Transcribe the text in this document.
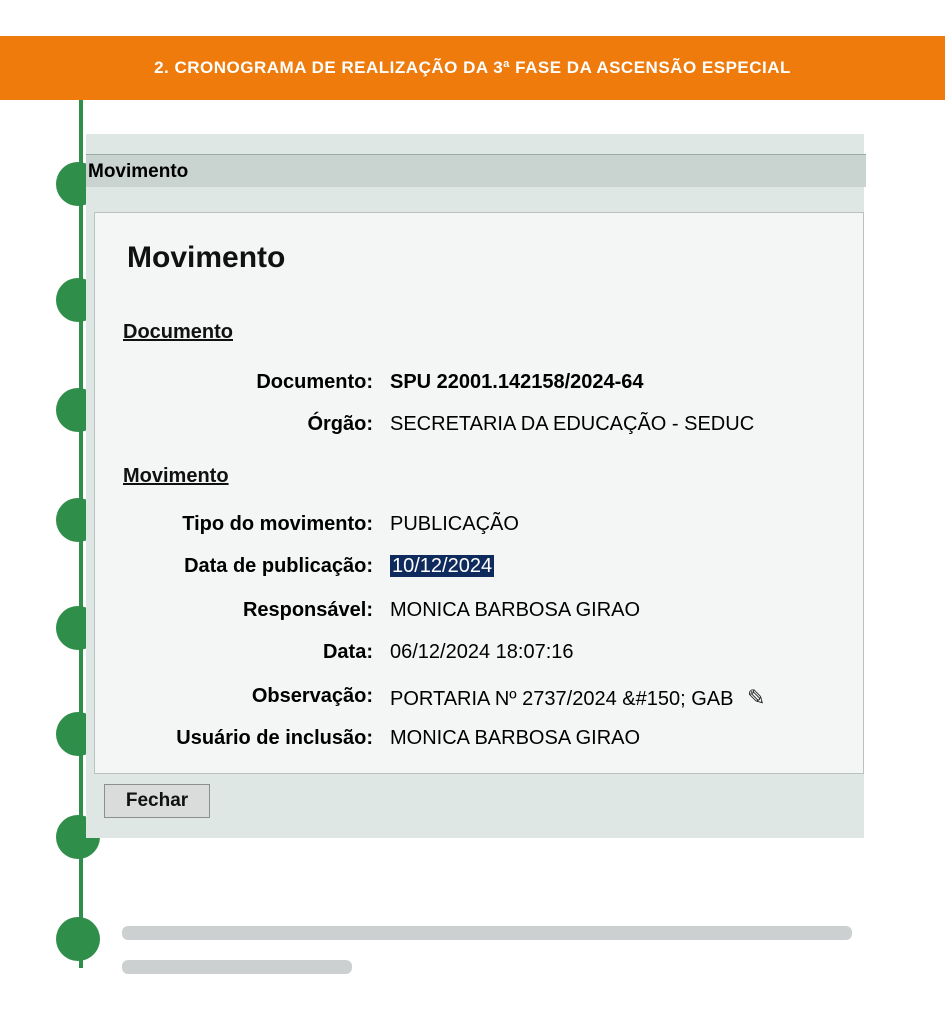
2. CRONOGRAMA DE REALIZAÇÃO DA 3ª FASE DA ASCENSÃO ESPECIAL
Movimento
Movimento
Documento
Documento: SPU 22001.142158/2024-64
Órgão: SECRETARIA DA EDUCAÇÃO - SEDUC
Movimento
Tipo do movimento: PUBLICAÇÃO
Data de publicação: 10/12/2024
Responsável: MONICA BARBOSA GIRAO
Data: 06/12/2024 18:07:16
Observação: PORTARIA Nº 2737/2024 &#150; GAB ✎
Usuário de inclusão: MONICA BARBOSA GIRAO
Fechar
